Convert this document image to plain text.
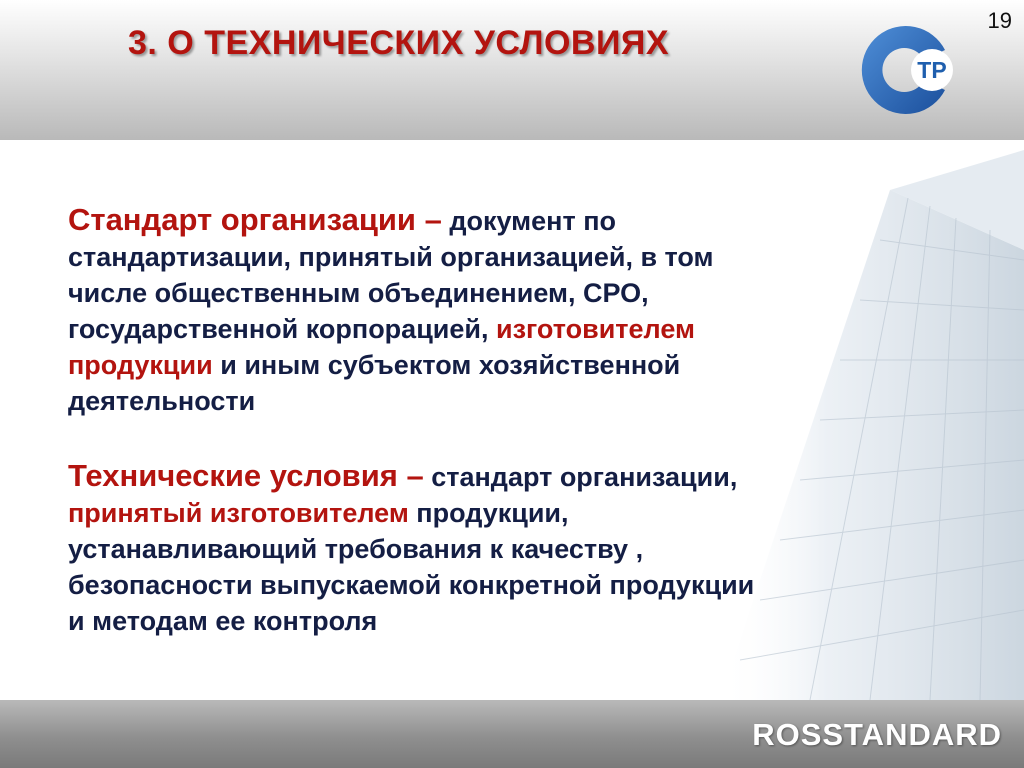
3. О ТЕХНИЧЕСКИХ УСЛОВИЯХ
ТР
19
Стандарт организации – документ по
стандартизации, принятый организацией, в том
числе общественным объединением, СРО,
государственной корпорацией, изготовителем
продукции и иным субъектом хозяйственной
деятельности
Технические условия – стандарт организации,
принятый изготовителем продукции,
устанавливающий требования к качеству ,
безопасности выпускаемой конкретной продукции
и методам ее контроля
ROSSTANDARD
